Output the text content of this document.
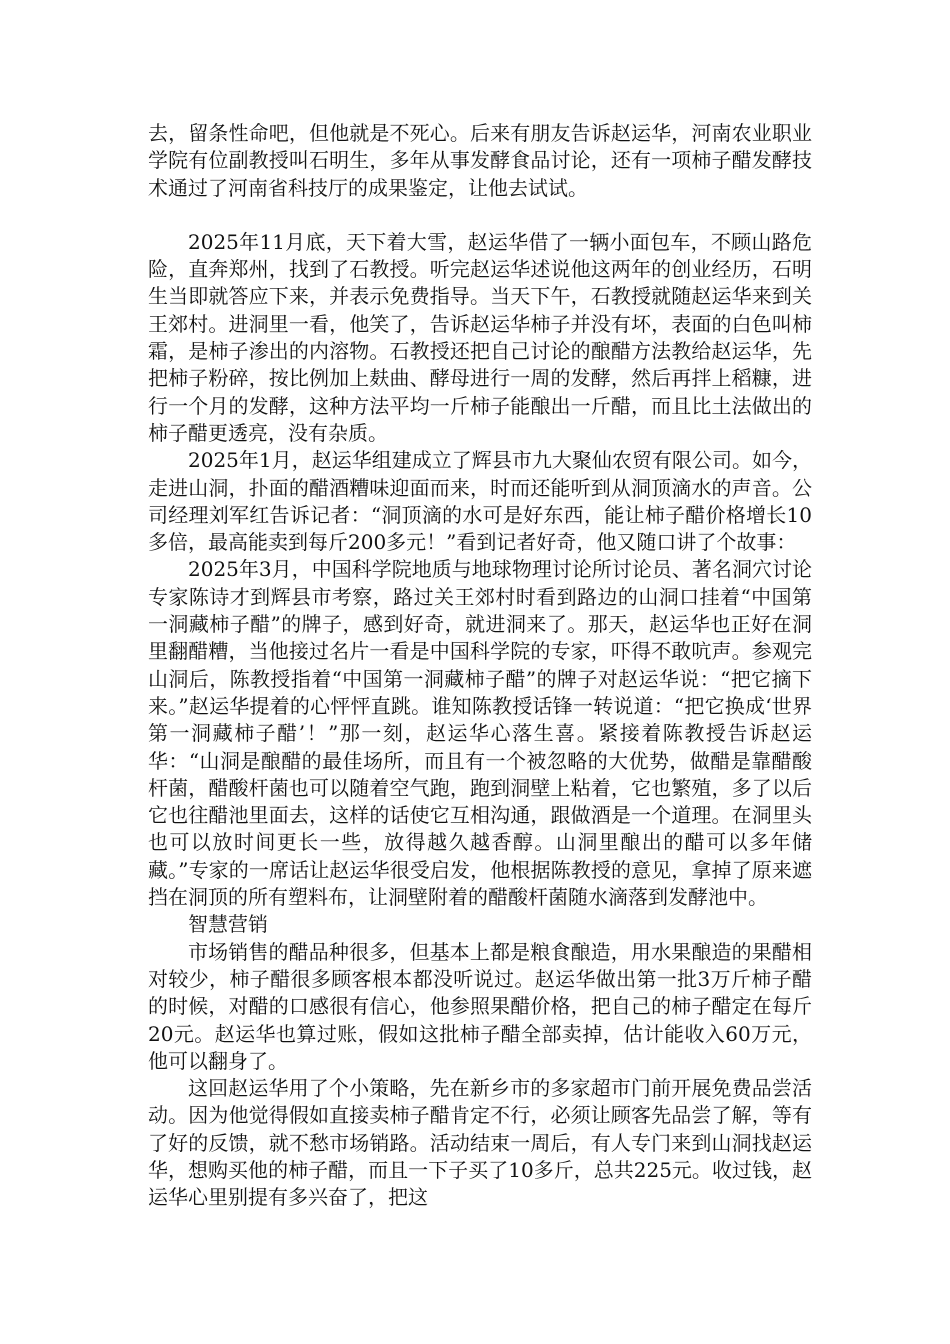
去，留条性命吧，但他就是不死心。后来有朋友告诉赵运华，河南农业职业学院有位副教授叫石明生，多年从事发酵食品讨论，还有一项柿子醋发酵技术通过了河南省科技厅的成果鉴定，让他去试试。

2025年11月底，天下着大雪，赵运华借了一辆小面包车，不顾山路危险，直奔郑州，找到了石教授。听完赵运华述说他这两年的创业经历，石明生当即就答应下来，并表示免费指导。当天下午，石教授就随赵运华来到关王郊村。进洞里一看，他笑了，告诉赵运华柿子并没有坏，表面的白色叫柿霜，是柿子渗出的内溶物。石教授还把自己讨论的酿醋方法教给赵运华，先把柿子粉碎，按比例加上麸曲、酵母进行一周的发酵，然后再拌上稻糠，进行一个月的发酵，这种方法平均一斤柿子能酿出一斤醋，而且比土法做出的柿子醋更透亮，没有杂质。

2025年1月，赵运华组建成立了辉县市九大聚仙农贸有限公司。如今，走进山洞，扑面的醋酒糟味迎面而来，时而还能听到从洞顶滴水的声音。公司经理刘军红告诉记者：“洞顶滴的水可是好东西，能让柿子醋价格增长10多倍，最高能卖到每斤200多元！”看到记者好奇，他又随口讲了个故事：

2025年3月，中国科学院地质与地球物理讨论所讨论员、著名洞穴讨论专家陈诗才到辉县市考察，路过关王郊村时看到路边的山洞口挂着“中国第一洞藏柿子醋”的牌子，感到好奇，就进洞来了。那天，赵运华也正好在洞里翻醋糟，当他接过名片一看是中国科学院的专家，吓得不敢吭声。参观完山洞后，陈教授指着“中国第一洞藏柿子醋”的牌子对赵运华说：“把它摘下来。”赵运华提着的心怦怦直跳。谁知陈教授话锋一转说道：“把它换成‘世界第一洞藏柿子醋’！”那一刻，赵运华心落生喜。紧接着陈教授告诉赵运华：“山洞是酿醋的最佳场所，而且有一个被忽略的大优势，做醋是靠醋酸杆菌，醋酸杆菌也可以随着空气跑，跑到洞壁上粘着，它也繁殖，多了以后它也往醋池里面去，这样的话使它互相沟通，跟做酒是一个道理。在洞里头也可以放时间更长一些，放得越久越香醇。山洞里酿出的醋可以多年储藏。”专家的一席话让赵运华很受启发，他根据陈教授的意见，拿掉了原来遮挡在洞顶的所有塑料布，让洞壁附着的醋酸杆菌随水滴落到发酵池中。

智慧营销

市场销售的醋品种很多，但基本上都是粮食酿造，用水果酿造的果醋相对较少，柿子醋很多顾客根本都没听说过。赵运华做出第一批3万斤柿子醋的时候，对醋的口感很有信心，他参照果醋价格，把自己的柿子醋定在每斤20元。赵运华也算过账，假如这批柿子醋全部卖掉，估计能收入60万元，他可以翻身了。

这回赵运华用了个小策略，先在新乡市的多家超市门前开展免费品尝活动。因为他觉得假如直接卖柿子醋肯定不行，必须让顾客先品尝了解，等有了好的反馈，就不愁市场销路。活动结束一周后，有人专门来到山洞找赵运华，想购买他的柿子醋，而且一下子买了10多斤，总共225元。收过钱，赵运华心里别提有多兴奋了，把这
